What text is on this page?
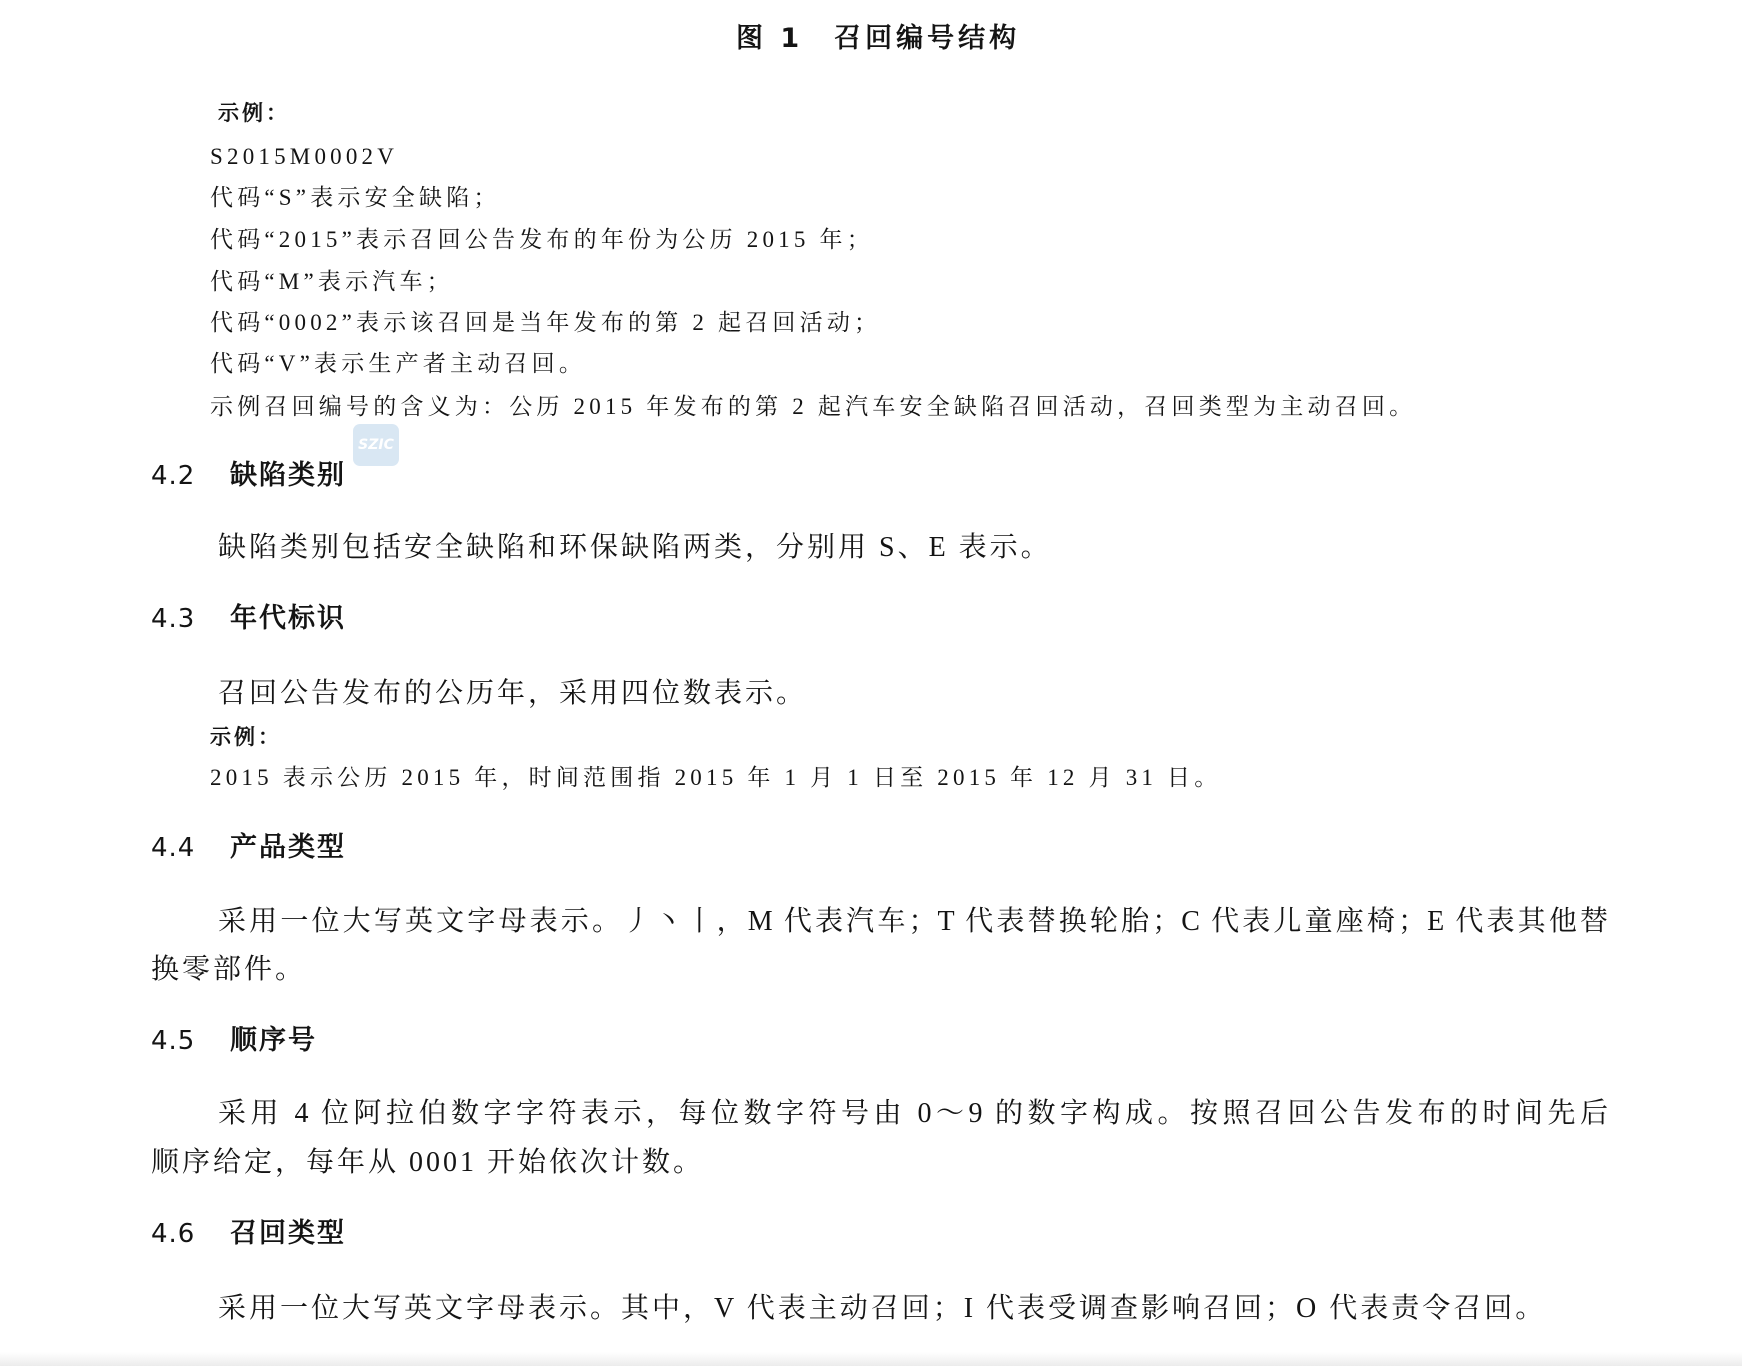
图 1　召回编号结构
示例：
S2015M0002V
代码“S”表示安全缺陷；
代码“2015”表示召回公告发布的年份为公历 2015 年；
代码“M”表示汽车；
代码“0002”表示该召回是当年发布的第 2 起召回活动；
代码“V”表示生产者主动召回。
示例召回编号的含义为：公历 2015 年发布的第 2 起汽车安全缺陷召回活动，召回类型为主动召回。
SZIC
4.2 缺陷类别
缺陷类别包括安全缺陷和环保缺陷两类，分别用 S、E 表示。
4.3 年代标识
召回公告发布的公历年，采用四位数表示。
示例：
2015 表示公历 2015 年，时间范围指 2015 年 1 月 1 日至 2015 年 12 月 31 日。
4.4 产品类型
采用一位大写英文字母表示。丿丶丨，M 代表汽车；T 代表替换轮胎；C 代表儿童座椅；E 代表其他替
换零部件。
4.5 顺序号
采用 4 位阿拉伯数字字符表示，每位数字符号由 0～9 的数字构成。按照召回公告发布的时间先后
顺序给定，每年从 0001 开始依次计数。
4.6 召回类型
采用一位大写英文字母表示。其中，V 代表主动召回；I 代表受调查影响召回；O 代表责令召回。
